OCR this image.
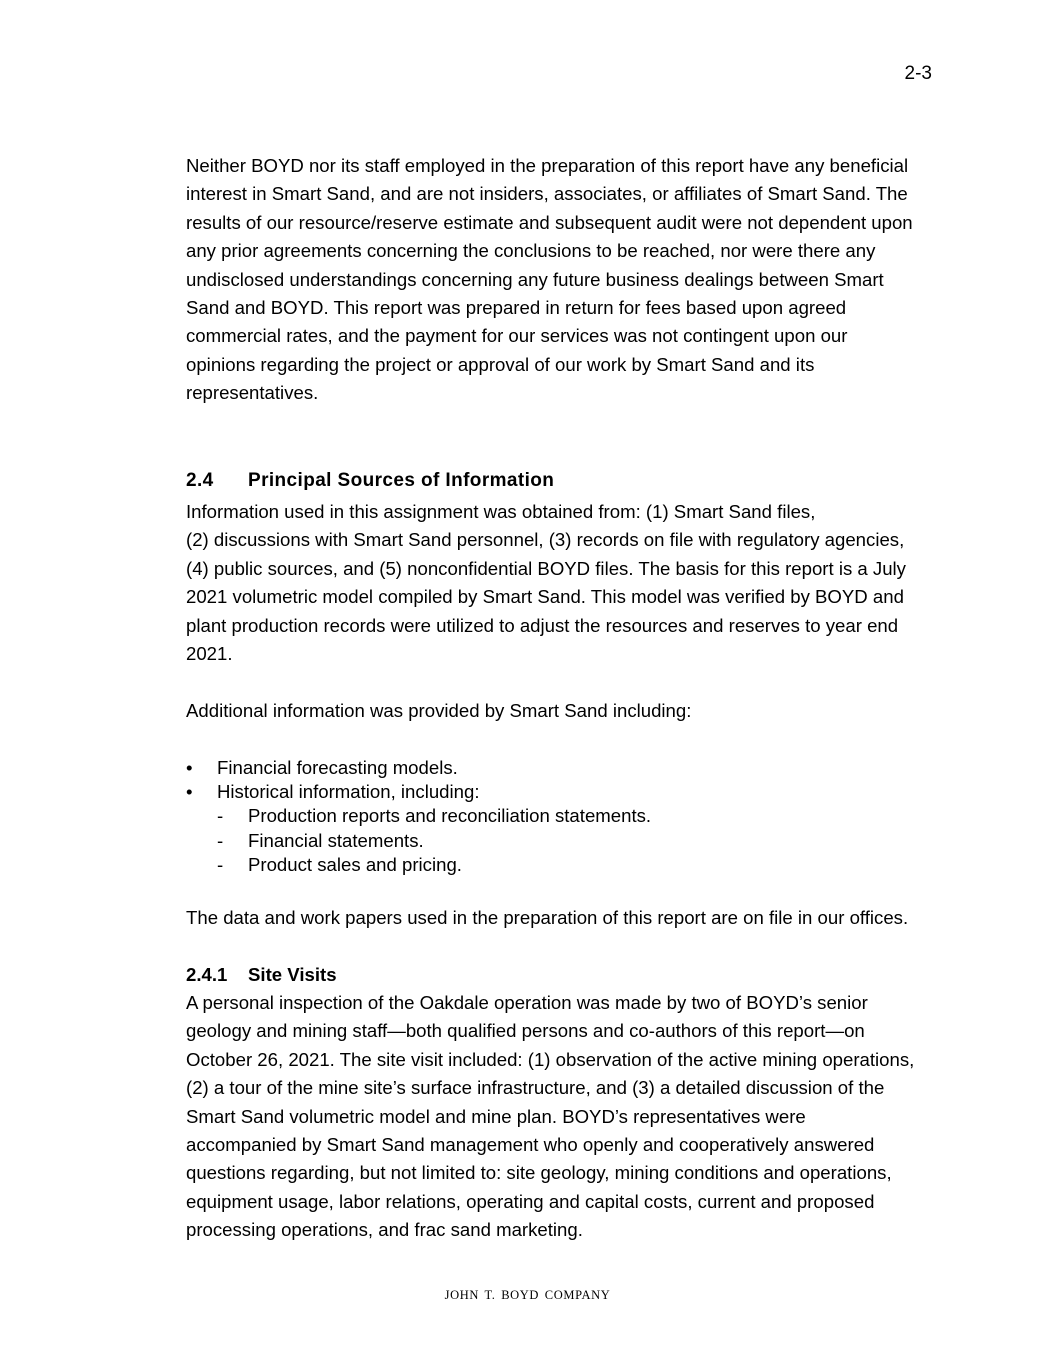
2-3

Neither BOYD nor its staff employed in the preparation of this report have any beneficial
interest in Smart Sand, and are not insiders, associates, or affiliates of Smart Sand. The
results of our resource/reserve estimate and subsequent audit were not dependent upon
any prior agreements concerning the conclusions to be reached, nor were there any
undisclosed understandings concerning any future business dealings between Smart
Sand and BOYD. This report was prepared in return for fees based upon agreed
commercial rates, and the payment for our services was not contingent upon our
opinions regarding the project or approval of our work by Smart Sand and its
representatives.

2.4 Principal Sources of Information

Information used in this assignment was obtained from: (1) Smart Sand files,
(2) discussions with Smart Sand personnel, (3) records on file with regulatory agencies,
(4) public sources, and (5) nonconfidential BOYD files. The basis for this report is a July
2021 volumetric model compiled by Smart Sand. This model was verified by BOYD and
plant production records were utilized to adjust the resources and reserves to year end
2021.

Additional information was provided by Smart Sand including:
• Financial forecasting models.
• Historical information, including:
- Production reports and reconciliation statements.
- Financial statements.
- Product sales and pricing.
The data and work papers used in the preparation of this report are on file in our offices.
2.4.1 Site Visits

A personal inspection of the Oakdale operation was made by two of BOYD’s senior
geology and mining staff—both qualified persons and co-authors of this report—on
October 26, 2021. The site visit included: (1) observation of the active mining operations,
(2) a tour of the mine site’s surface infrastructure, and (3) a detailed discussion of the
Smart Sand volumetric model and mine plan. BOYD’s representatives were
accompanied by Smart Sand management who openly and cooperatively answered
questions regarding, but not limited to: site geology, mining conditions and operations,
equipment usage, labor relations, operating and capital costs, current and proposed
processing operations, and frac sand marketing.

JOHN T. BOYD COMPANY
